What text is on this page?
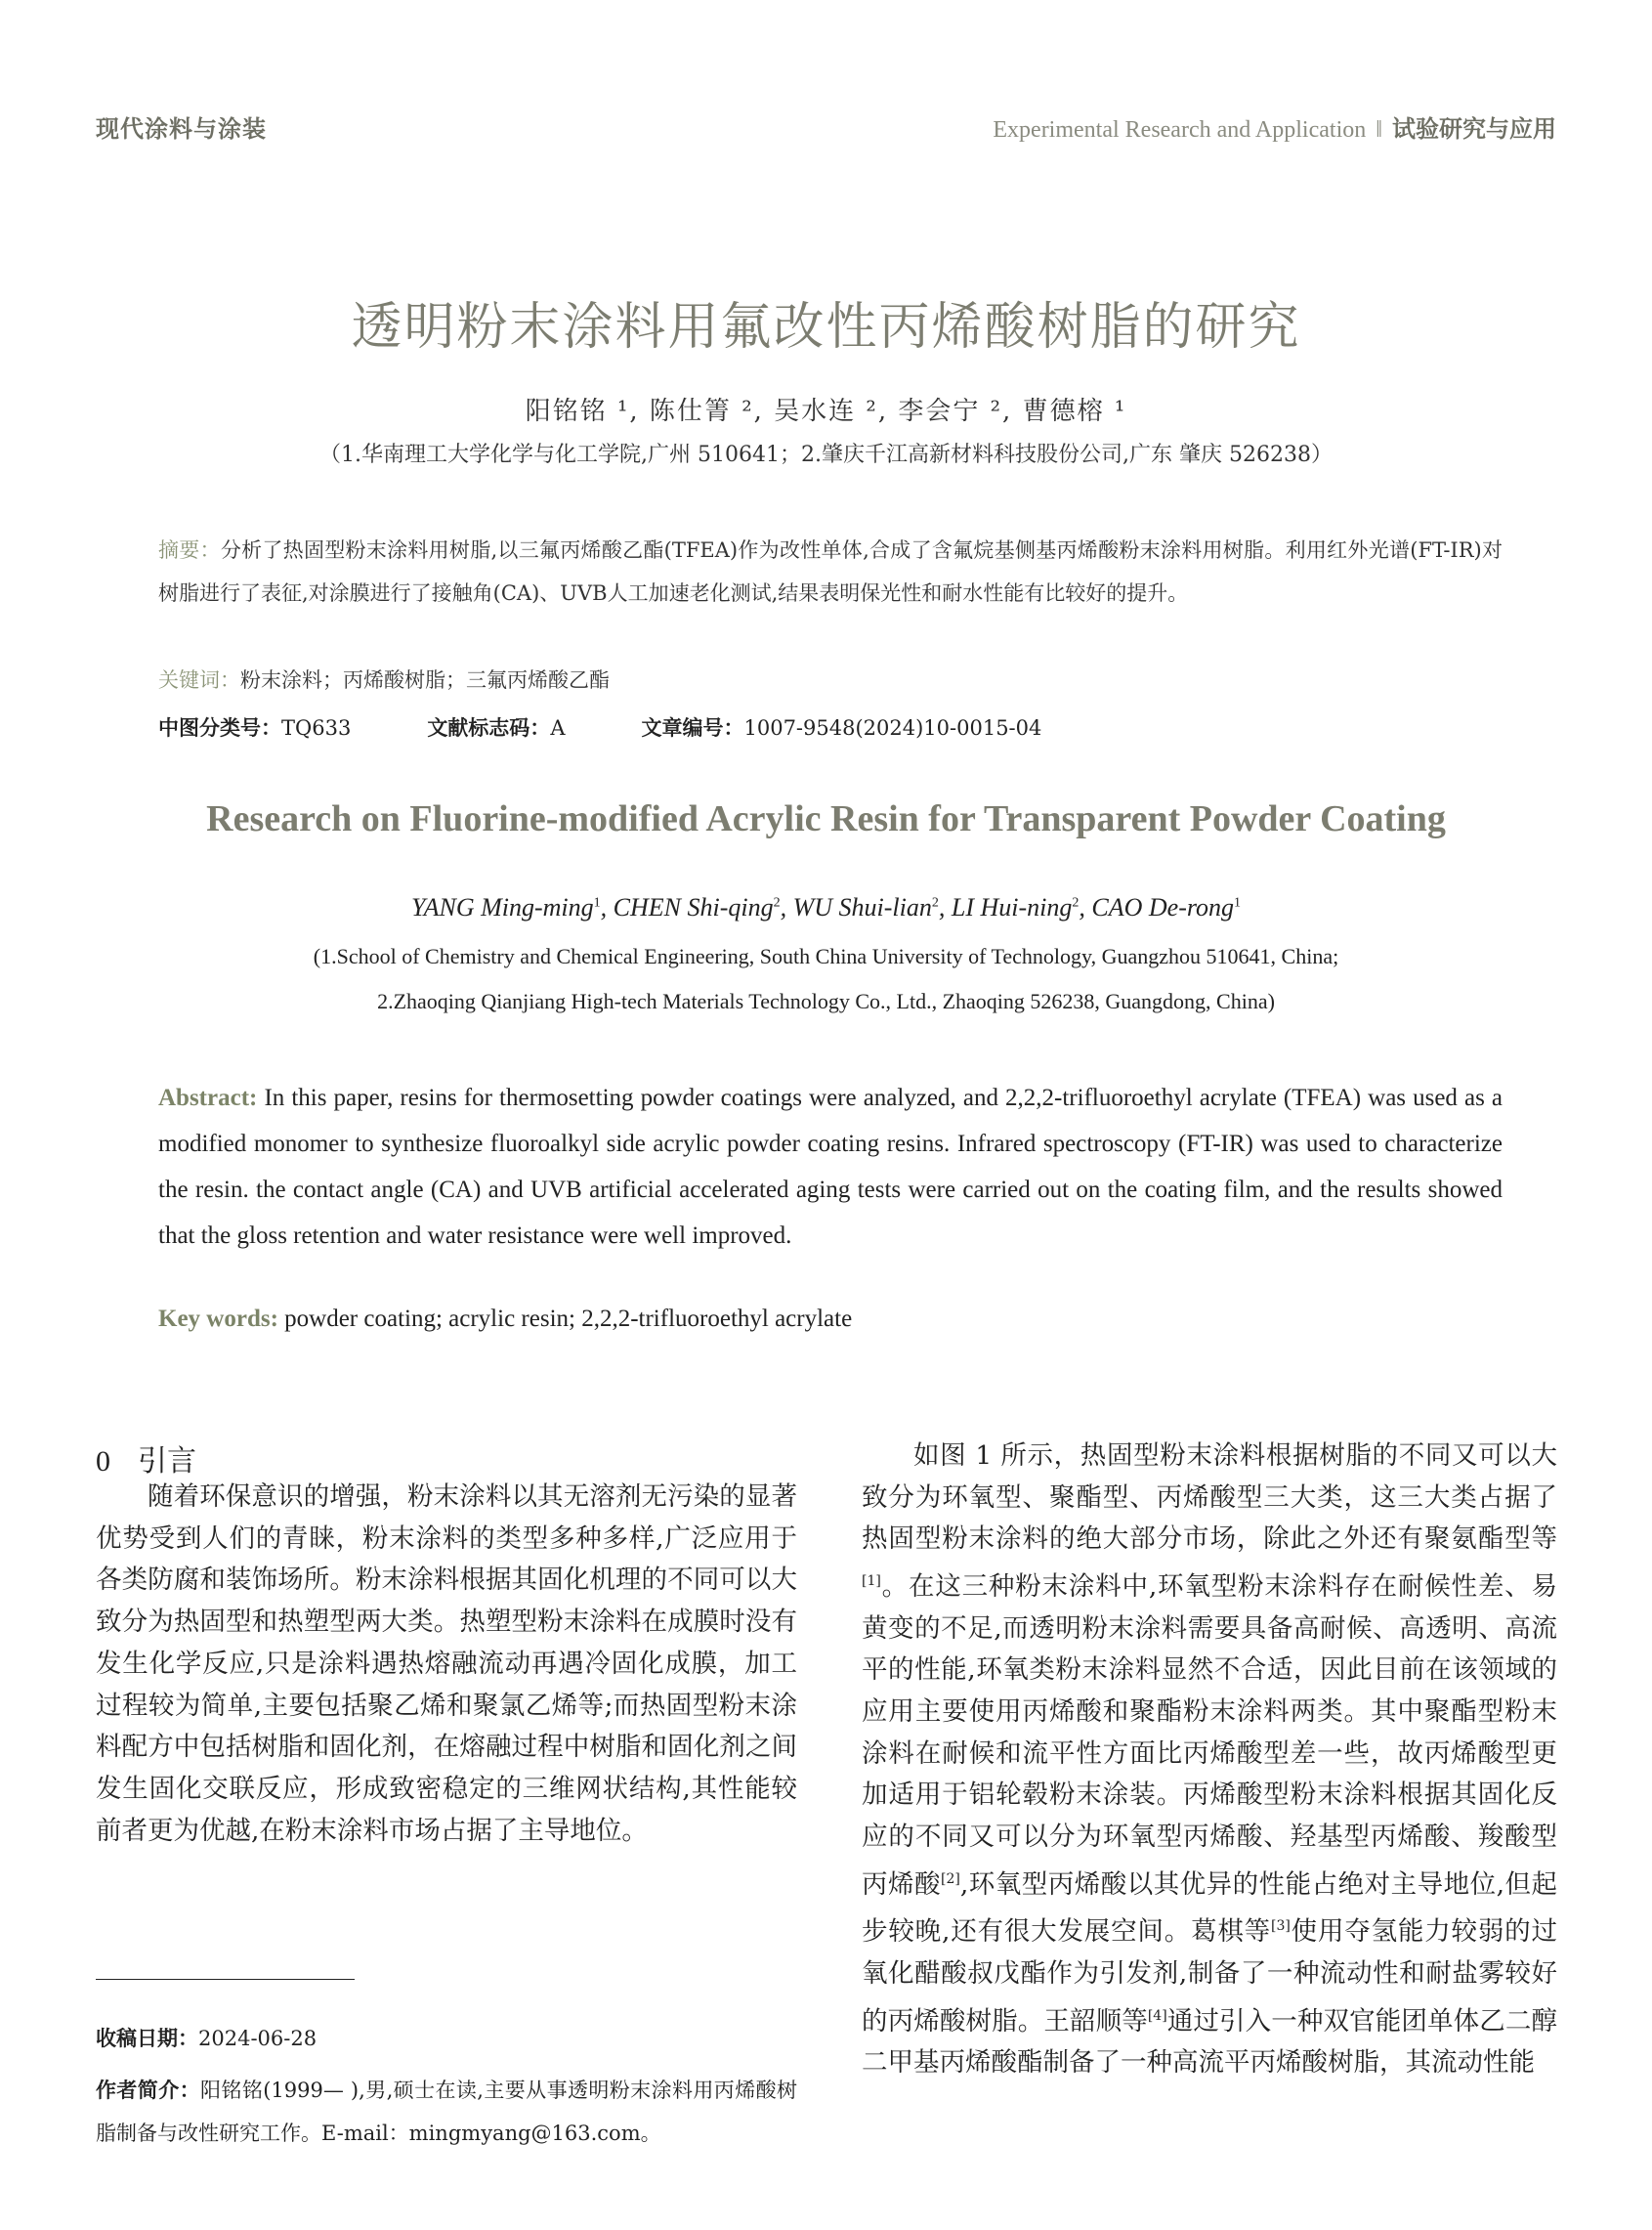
现代涂料与涂装	Experimental Research and Application ‖ 试验研究与应用
透明粉末涂料用氟改性丙烯酸树脂的研究
阳铭铭 ¹, 陈仕箐 ², 吴水连 ², 李会宁 ², 曹德榕 ¹
（1.华南理工大学化学与化工学院,广州 510641；2.肇庆千江高新材料科技股份公司,广东 肇庆 526238）
摘要：分析了热固型粉末涂料用树脂,以三氟丙烯酸乙酯(TFEA)作为改性单体,合成了含氟烷基侧基丙烯酸粉末涂料用树脂。利用红外光谱(FT-IR)对树脂进行了表征,对涂膜进行了接触角(CA)、UVB人工加速老化测试,结果表明保光性和耐水性能有比较好的提升。
关键词：粉末涂料；丙烯酸树脂；三氟丙烯酸乙酯
中图分类号：TQ633	文献标志码：A	文章编号：1007-9548(2024)10-0015-04
Research on Fluorine-modified Acrylic Resin for Transparent Powder Coating
YANG Ming-ming$^1$, CHEN Shi-qing$^2$, WU Shui-lian$^2$, LI Hui-ning$^2$, CAO De-rong$^1$
(1.School of Chemistry and Chemical Engineering, South China University of Technology, Guangzhou 510641, China;
2.Zhaoqing Qianjiang High-tech Materials Technology Co., Ltd., Zhaoqing 526238, Guangdong, China)
Abstract: In this paper, resins for thermosetting powder coatings were analyzed, and 2,2,2-trifluoroethyl acrylate (TFEA) was used as a modified monomer to synthesize fluoroalkyl side acrylic powder coating resins. Infrared spectroscopy (FT-IR) was used to characterize the resin. the contact angle (CA) and UVB artificial accelerated aging tests were carried out on the coating film, and the results showed that the gloss retention and water resistance were well improved.
Key words: powder coating; acrylic resin; 2,2,2-trifluoroethyl acrylate
0 引言

随着环保意识的增强，粉末涂料以其无溶剂无污染的显著优势受到人们的青睐，粉末涂料的类型多种多样,广泛应用于各类防腐和装饰场所。粉末涂料根据其固化机理的不同可以大致分为热固型和热塑型两大类。热塑型粉末涂料在成膜时没有发生化学反应,只是涂料遇热熔融流动再遇冷固化成膜，加工过程较为简单,主要包括聚乙烯和聚氯乙烯等;而热固型粉末涂料配方中包括树脂和固化剂，在熔融过程中树脂和固化剂之间发生固化交联反应，形成致密稳定的三维网状结构,其性能较前者更为优越,在粉末涂料市场占据了主导地位。

收稿日期：2024-06-28
作者简介：阳铭铭(1999— ),男,硕士在读,主要从事透明粉末涂料用丙烯酸树脂制备与改性研究工作。E-mail：mingmyang@163.com。

如图 1 所示，热固型粉末涂料根据树脂的不同又可以大致分为环氧型、聚酯型、丙烯酸型三大类，这三大类占据了热固型粉末涂料的绝大部分市场，除此之外还有聚氨酯型等[1]。在这三种粉末涂料中,环氧型粉末涂料存在耐候性差、易黄变的不足,而透明粉末涂料需要具备高耐候、高透明、高流平的性能,环氧类粉末涂料显然不合适，因此目前在该领域的应用主要使用丙烯酸和聚酯粉末涂料两类。其中聚酯型粉末涂料在耐候和流平性方面比丙烯酸型差一些，故丙烯酸型更加适用于铝轮毂粉末涂装。丙烯酸型粉末涂料根据其固化反应的不同又可以分为环氧型丙烯酸、羟基型丙烯酸、羧酸型丙烯酸[2],环氧型丙烯酸以其优异的性能占绝对主导地位,但起步较晚,还有很大发展空间。葛棋等[3]使用夺氢能力较弱的过氧化醋酸叔戊酯作为引发剂,制备了一种流动性和耐盐雾较好的丙烯酸树脂。王韶顺等[4]通过引入一种双官能团单体乙二醇二甲基丙烯酸酯制备了一种高流平丙烯酸树脂，其流动性能
